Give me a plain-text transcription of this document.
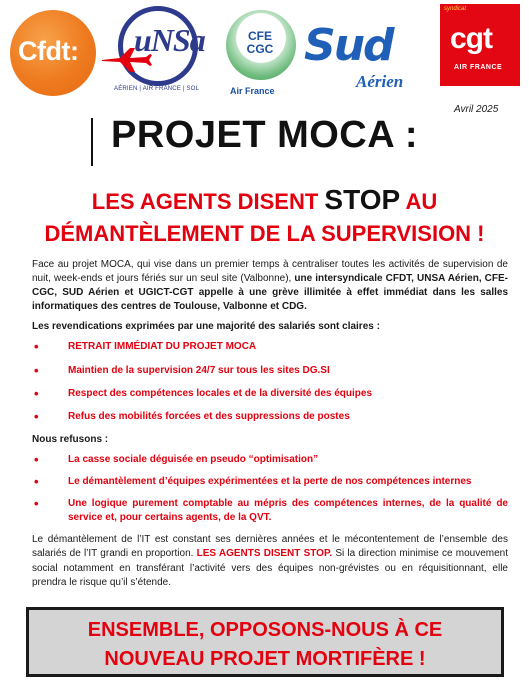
Cfdt: uNSa
AÉRIEN | AIR FRANCE | SOL
CFE
CGC
Air France
Sud
Aérien
syndicat
cgt
AIR FRANCE
Avril 2025
PROJET MOCA :
LES AGENTS DISENT STOP AU
DÉMANTÈLEMENT DE LA SUPERVISION !

Face au projet MOCA, qui vise dans un premier temps à centraliser toutes les activités de supervision de nuit, week-ends et jours fériés sur un seul site (Valbonne), une intersyndicale CFDT, UNSA Aérien, CFE-CGC, SUD Aérien et UGICT-CGT appelle à une grève illimitée à effet immédiat dans les salles informatiques des centres de Toulouse, Valbonne et CDG.

Les revendications exprimées par une majorité des salariés sont claires :

• RETRAIT IMMÉDIAT DU PROJET MOCA
• Maintien de la supervision 24/7 sur tous les sites DG.SI
• Respect des compétences locales et de la diversité des équipes
• Refus des mobilités forcées et des suppressions de postes

Nous refusons :

• La casse sociale déguisée en pseudo “optimisation”
• Le démantèlement d’équipes expérimentées et la perte de nos compétences internes
• Une logique purement comptable au mépris des compétences internes, de la qualité de service et, pour certains agents, de la QVT.

Le démantèlement de l’IT est constant ses dernières années et le mécontentement de l’ensemble des salariés de l’IT grandi en proportion. LES AGENTS DISENT STOP. Si la direction minimise ce mouvement social notamment en transférant l’activité vers des équipes non-grévistes ou en réquisitionnant, elle prendra le risque qu’il s’étende.

ENSEMBLE, OPPOSONS-NOUS À CE
NOUVEAU PROJET MORTIFÈRE !
